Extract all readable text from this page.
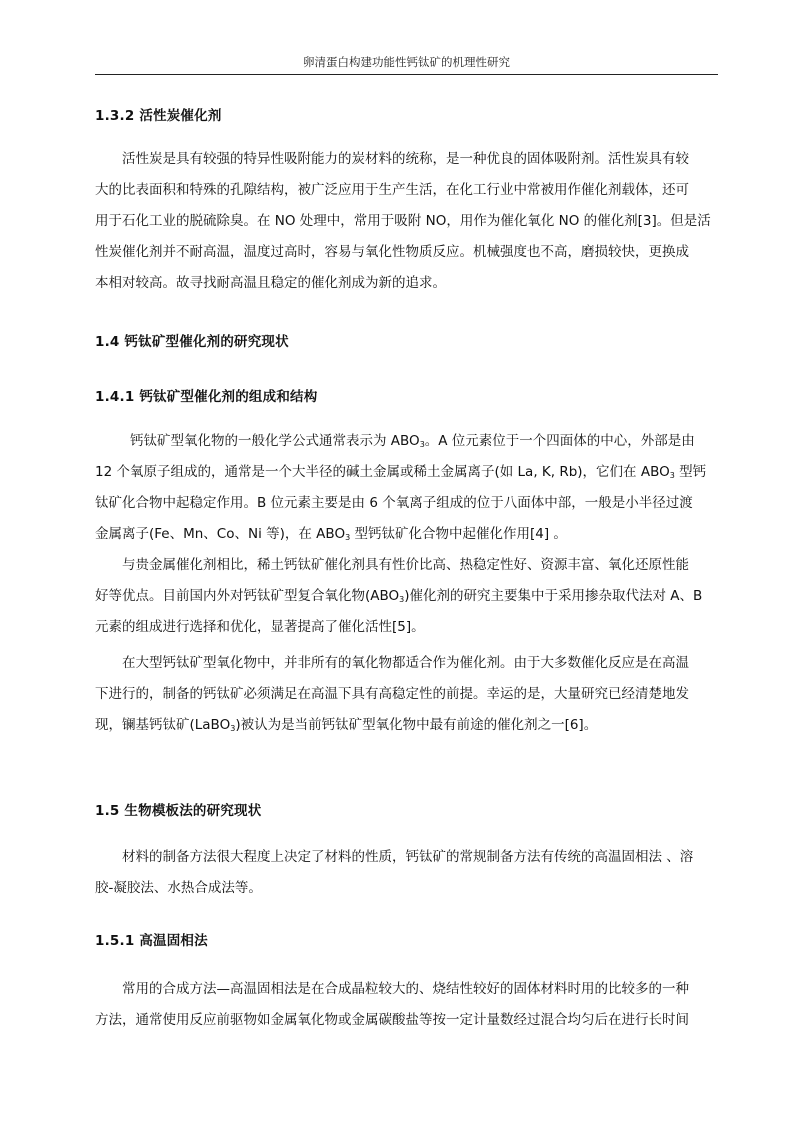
卵清蛋白构建功能性钙钛矿的机理性研究
1.3.2 活性炭催化剂
活性炭是具有较强的特异性吸附能力的炭材料的统称，是一种优良的固体吸附剂。活性炭具有较
大的比表面积和特殊的孔隙结构，被广泛应用于生产生活，在化工行业中常被用作催化剂载体，还可
用于石化工业的脱硫除臭。在 NO 处理中，常用于吸附 NO，用作为催化氧化 NO 的催化剂[3]。但是活
性炭催化剂并不耐高温，温度过高时，容易与氧化性物质反应。机械强度也不高，磨损较快，更换成
本相对较高。故寻找耐高温且稳定的催化剂成为新的追求。
1.4 钙钛矿型催化剂的研究现状
1.4.1 钙钛矿型催化剂的组成和结构
钙钛矿型氧化物的一般化学公式通常表示为 $ABO_3$。A 位元素位于一个四面体的中心，外部是由
12 个氧原子组成的，通常是一个大半径的碱土金属或稀土金属离子(如 La, K, Rb)，它们在 $ABO_3$ 型钙
钛矿化合物中起稳定作用。B 位元素主要是由 6 个氧离子组成的位于八面体中部，一般是小半径过渡
金属离子(Fe、Mn、Co、Ni 等)，在 $ABO_3$ 型钙钛矿化合物中起催化作用[4] 。
与贵金属催化剂相比，稀土钙钛矿催化剂具有性价比高、热稳定性好、资源丰富、氧化还原性能
好等优点。目前国内外对钙钛矿型复合氧化物$(ABO_3)$催化剂的研究主要集中于采用掺杂取代法对 A、B
元素的组成进行选择和优化，显著提高了催化活性[5]。
在大型钙钛矿型氧化物中，并非所有的氧化物都适合作为催化剂。由于大多数催化反应是在高温
下进行的，制备的钙钛矿必须满足在高温下具有高稳定性的前提。幸运的是，大量研究已经清楚地发
现，镧基钙钛矿(LaBO$_3$)被认为是当前钙钛矿型氧化物中最有前途的催化剂之一[6]。
1.5 生物模板法的研究现状
材料的制备方法很大程度上决定了材料的性质，钙钛矿的常规制备方法有传统的高温固相法 、溶
胶-凝胶法、水热合成法等。
1.5.1 高温固相法
常用的合成方法—高温固相法是在合成晶粒较大的、烧结性较好的固体材料时用的比较多的一种
方法，通常使用反应前驱物如金属氧化物或金属碳酸盐等按一定计量数经过混合均匀后在进行长时间
